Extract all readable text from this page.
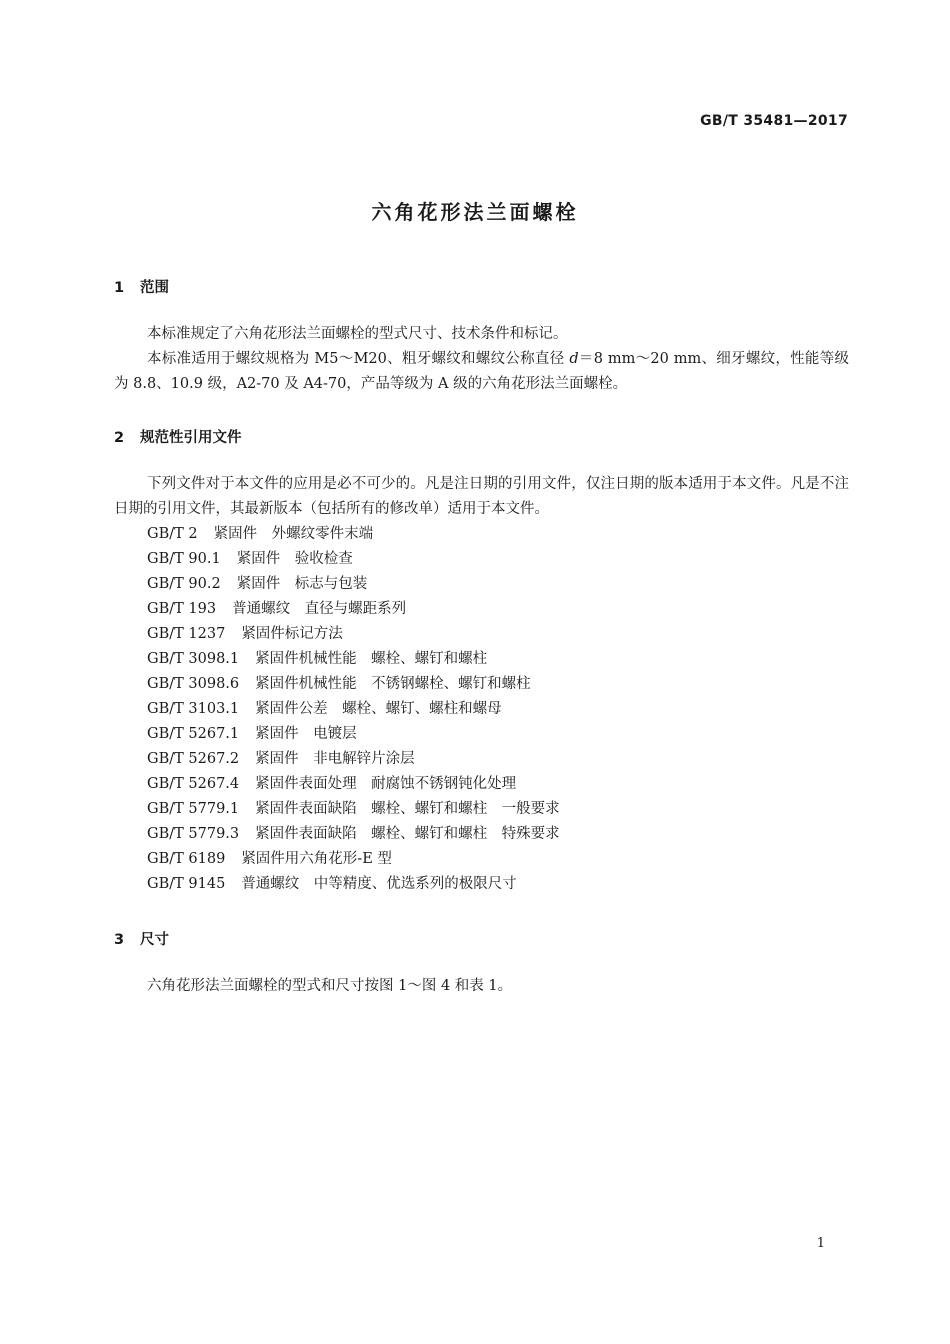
GB/T 35481—2017
六角花形法兰面螺栓
1 范围
本标准规定了六角花形法兰面螺栓的型式尺寸、技术条件和标记。
本标准适用于螺纹规格为 M5～M20、粗牙螺纹和螺纹公称直径 d＝8 mm～20 mm、细牙螺纹，性能等级为 8.8、10.9 级，A2-70 及 A4-70，产品等级为 A 级的六角花形法兰面螺栓。
2 规范性引用文件
下列文件对于本文件的应用是必不可少的。凡是注日期的引用文件，仅注日期的版本适用于本文件。凡是不注日期的引用文件，其最新版本（包括所有的修改单）适用于本文件。
GB/T 2 紧固件　外螺纹零件末端
GB/T 90.1 紧固件　验收检查
GB/T 90.2 紧固件　标志与包装
GB/T 193 普通螺纹　直径与螺距系列
GB/T 1237 紧固件标记方法
GB/T 3098.1 紧固件机械性能　螺栓、螺钉和螺柱
GB/T 3098.6 紧固件机械性能　不锈钢螺栓、螺钉和螺柱
GB/T 3103.1 紧固件公差　螺栓、螺钉、螺柱和螺母
GB/T 5267.1 紧固件　电镀层
GB/T 5267.2 紧固件　非电解锌片涂层
GB/T 5267.4 紧固件表面处理　耐腐蚀不锈钢钝化处理
GB/T 5779.1 紧固件表面缺陷　螺栓、螺钉和螺柱　一般要求
GB/T 5779.3 紧固件表面缺陷　螺栓、螺钉和螺柱　特殊要求
GB/T 6189 紧固件用六角花形-E 型
GB/T 9145 普通螺纹　中等精度、优选系列的极限尺寸
3 尺寸
六角花形法兰面螺栓的型式和尺寸按图 1～图 4 和表 1。
1
